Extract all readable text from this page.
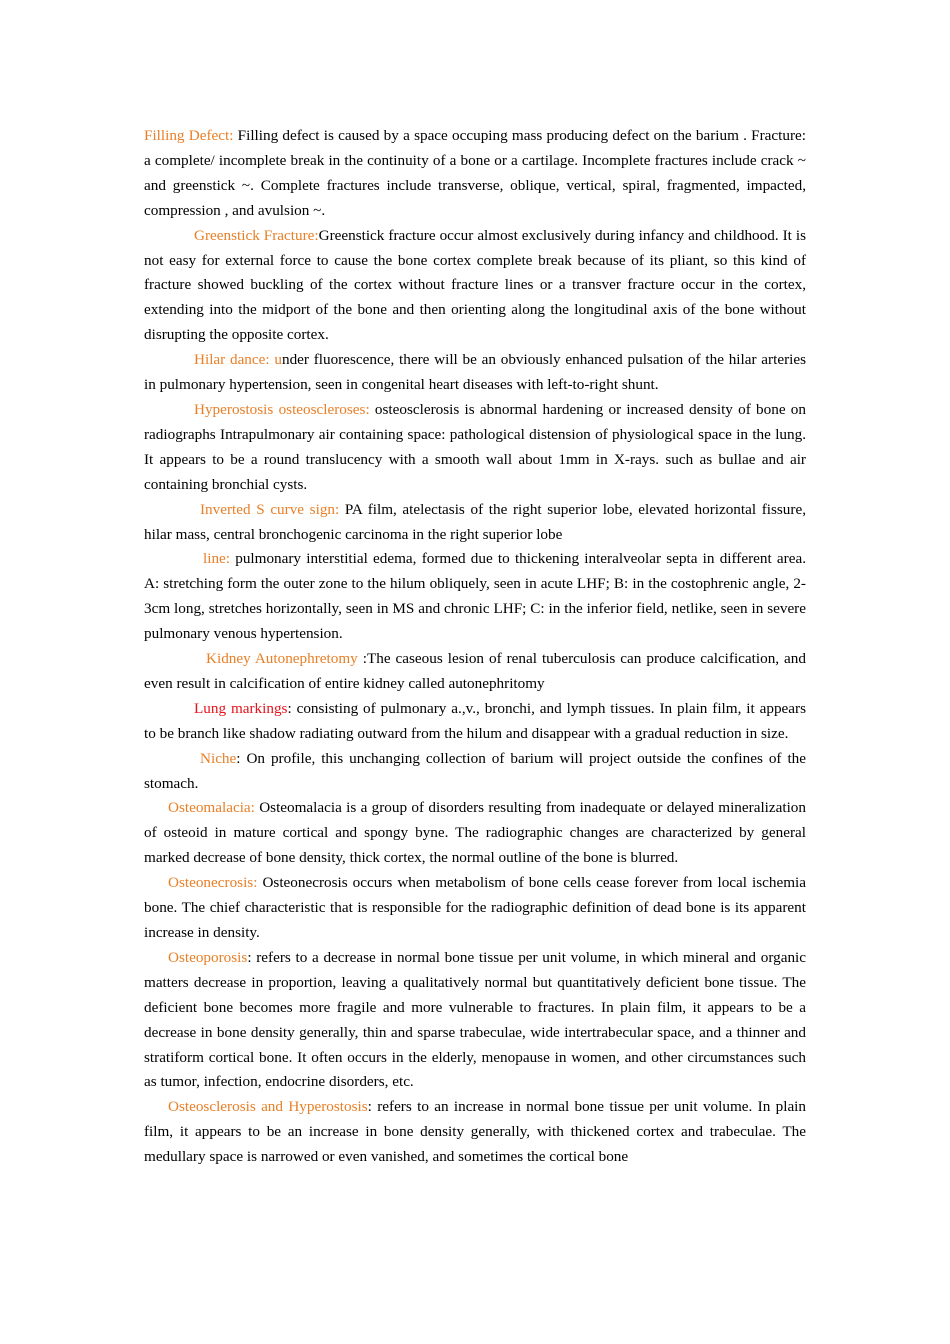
Filling Defect: Filling defect is caused by a space occuping mass producing defect on the barium . Fracture: a complete/ incomplete break in the continuity of a bone or a cartilage. Incomplete fractures include crack ~ and greenstick ~. Complete fractures include transverse, oblique, vertical, spiral, fragmented, impacted, compression , and avulsion ~.

Greenstick Fracture:Greenstick fracture occur almost exclusively during infancy and childhood. It is not easy for external force to cause the bone cortex complete break because of its pliant, so this kind of fracture showed buckling of the cortex without fracture lines or a transver fracture occur in the cortex, extending into the midport of the bone and then orienting along the longitudinal axis of the bone without disrupting the opposite cortex.

Hilar dance: under fluorescence, there will be an obviously enhanced pulsation of the hilar arteries in pulmonary hypertension, seen in congenital heart diseases with left-to-right shunt.

Hyperostosis osteoscleroses: osteosclerosis is abnormal hardening or increased density of bone on radiographs Intrapulmonary air containing space: pathological distension of physiological space in the lung. It appears to be a round translucency with a smooth wall about 1mm in X-rays. such as bullae and air containing bronchial cysts.

Inverted S curve sign: PA film, atelectasis of the right superior lobe, elevated horizontal fissure, hilar mass, central bronchogenic carcinoma in the right superior lobe

line: pulmonary interstitial edema, formed due to thickening interalveolar septa in different area. A: stretching form the outer zone to the hilum obliquely, seen in acute LHF; B: in the costophrenic angle, 2-3cm long, stretches horizontally, seen in MS and chronic LHF; C: in the inferior field, netlike, seen in severe pulmonary venous hypertension.

Kidney Autonephretomy :The caseous lesion of renal tuberculosis can produce calcification, and even result in calcification of entire kidney called autonephritomy

Lung markings: consisting of pulmonary a.,v., bronchi, and lymph tissues. In plain film, it appears to be branch like shadow radiating outward from the hilum and disappear with a gradual reduction in size.

Niche: On profile, this unchanging collection of barium will project outside the confines of the stomach.

Osteomalacia: Osteomalacia is a group of disorders resulting from inadequate or delayed mineralization of osteoid in mature cortical and spongy byne. The radiographic changes are characterized by general marked decrease of bone density, thick cortex, the normal outline of the bone is blurred.

Osteonecrosis: Osteonecrosis occurs when metabolism of bone cells cease forever from local ischemia bone. The chief characteristic that is responsible for the radiographic definition of dead bone is its apparent increase in density.

Osteoporosis: refers to a decrease in normal bone tissue per unit volume, in which mineral and organic matters decrease in proportion, leaving a qualitatively normal but quantitatively deficient bone tissue. The deficient bone becomes more fragile and more vulnerable to fractures. In plain film, it appears to be a decrease in bone density generally, thin and sparse trabeculae, wide intertrabecular space, and a thinner and stratiform cortical bone. It often occurs in the elderly, menopause in women, and other circumstances such as tumor, infection, endocrine disorders, etc.

Osteosclerosis and Hyperostosis: refers to an increase in normal bone tissue per unit volume. In plain film, it appears to be an increase in bone density generally, with thickened cortex and trabeculae. The medullary space is narrowed or even vanished, and sometimes the cortical bone
